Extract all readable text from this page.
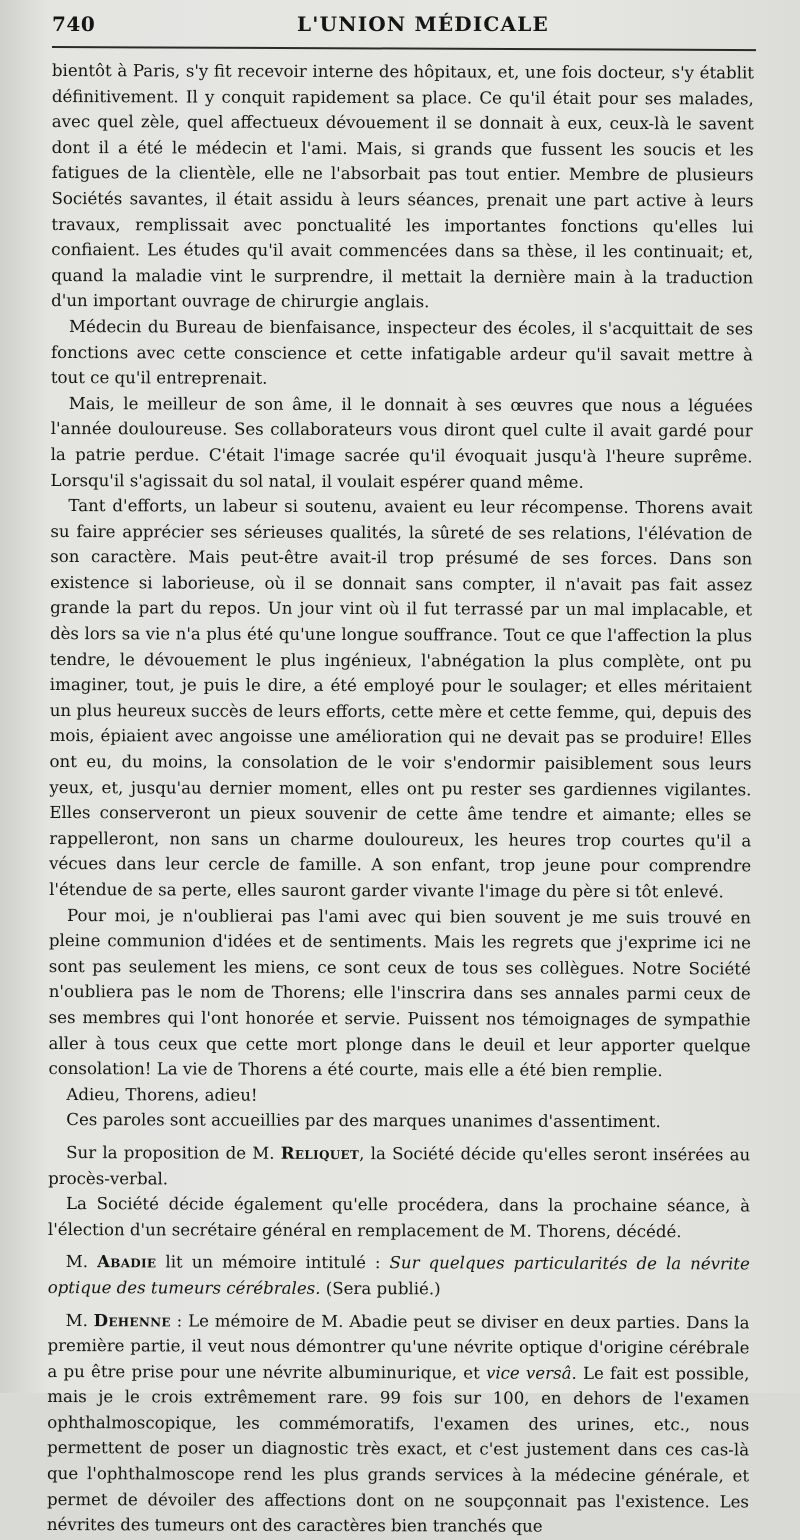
740	L'UNION MÉDICALE

bientôt à Paris, s'y fit recevoir interne des hôpitaux, et, une fois docteur, s'y établit définitivement. Il y conquit rapidement sa place. Ce qu'il était pour ses malades, avec quel zèle, quel affectueux dévouement il se donnait à eux, ceux-là le savent dont il a été le médecin et l'ami. Mais, si grands que fussent les soucis et les fatigues de la clientèle, elle ne l'absorbait pas tout entier. Membre de plusieurs Sociétés savantes, il était assidu à leurs séances, prenait une part active à leurs travaux, remplissait avec ponctualité les importantes fonctions qu'elles lui confiaient. Les études qu'il avait commencées dans sa thèse, il les continuait; et, quand la maladie vint le surprendre, il mettait la dernière main à la traduction d'un important ouvrage de chirurgie anglais.

Médecin du Bureau de bienfaisance, inspecteur des écoles, il s'acquittait de ses fonctions avec cette conscience et cette infatigable ardeur qu'il savait mettre à tout ce qu'il entreprenait.

Mais, le meilleur de son âme, il le donnait à ses œuvres que nous a léguées l'année douloureuse. Ses collaborateurs vous diront quel culte il avait gardé pour la patrie perdue. C'était l'image sacrée qu'il évoquait jusqu'à l'heure suprême. Lorsqu'il s'agissait du sol natal, il voulait espérer quand même.

Tant d'efforts, un labeur si soutenu, avaient eu leur récompense. Thorens avait su faire apprécier ses sérieuses qualités, la sûreté de ses relations, l'élévation de son caractère. Mais peut-être avait-il trop présumé de ses forces. Dans son existence si laborieuse, où il se donnait sans compter, il n'avait pas fait assez grande la part du repos. Un jour vint où il fut terrassé par un mal implacable, et dès lors sa vie n'a plus été qu'une longue souffrance. Tout ce que l'affection la plus tendre, le dévouement le plus ingénieux, l'abnégation la plus complète, ont pu imaginer, tout, je puis le dire, a été employé pour le soulager; et elles méritaient un plus heureux succès de leurs efforts, cette mère et cette femme, qui, depuis des mois, épiaient avec angoisse une amélioration qui ne devait pas se produire! Elles ont eu, du moins, la consolation de le voir s'endormir paisiblement sous leurs yeux, et, jusqu'au dernier moment, elles ont pu rester ses gardiennes vigilantes. Elles conserveront un pieux souvenir de cette âme tendre et aimante; elles se rappelleront, non sans un charme douloureux, les heures trop courtes qu'il a vécues dans leur cercle de famille. A son enfant, trop jeune pour comprendre l'étendue de sa perte, elles sauront garder vivante l'image du père si tôt enlevé.

Pour moi, je n'oublierai pas l'ami avec qui bien souvent je me suis trouvé en pleine communion d'idées et de sentiments. Mais les regrets que j'exprime ici ne sont pas seulement les miens, ce sont ceux de tous ses collègues. Notre Société n'oubliera pas le nom de Thorens; elle l'inscrira dans ses annales parmi ceux de ses membres qui l'ont honorée et servie. Puissent nos témoignages de sympathie aller à tous ceux que cette mort plonge dans le deuil et leur apporter quelque consolation! La vie de Thorens a été courte, mais elle a été bien remplie.

Adieu, Thorens, adieu!

Ces paroles sont accueillies par des marques unanimes d'assentiment.

Sur la proposition de M. Reliquet, la Société décide qu'elles seront insérées au procès-verbal.

La Société décide également qu'elle procédera, dans la prochaine séance, à l'élection d'un secrétaire général en remplacement de M. Thorens, décédé.

M. Abadie lit un mémoire intitulé : Sur quelques particularités de la névrite optique des tumeurs cérébrales. (Sera publié.)

M. Dehenne : Le mémoire de M. Abadie peut se diviser en deux parties. Dans la première partie, il veut nous démontrer qu'une névrite optique d'origine cérébrale a pu être prise pour une névrite albuminurique, et vice versâ. Le fait est possible, mais je le crois extrêmement rare. 99 fois sur 100, en dehors de l'examen ophthalmoscopique, les commémoratifs, l'examen des urines, etc., nous permettent de poser un diagnostic très exact, et c'est justement dans ces cas-là que l'ophthalmoscope rend les plus grands services à la médecine générale, et permet de dévoiler des affections dont on ne soupçonnait pas l'existence. Les névrites des tumeurs ont des caractères bien tranchés que
